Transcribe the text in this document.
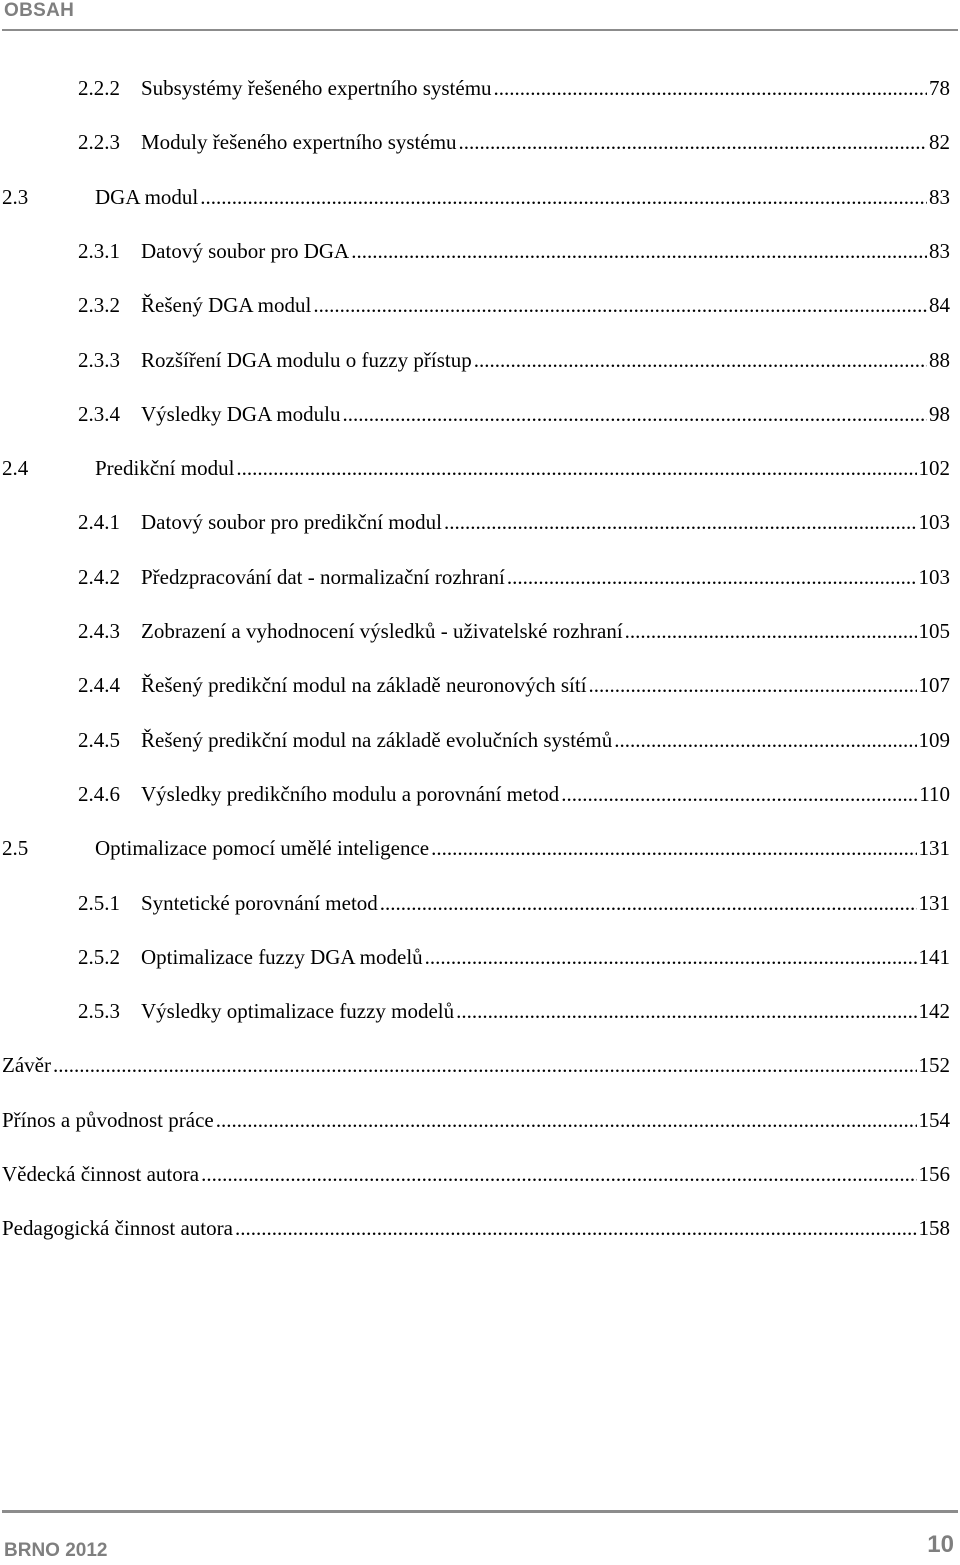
OBSAH
2.2.2	Subsystémy řešeného expertního systému .....	78
2.2.3	Moduly řešeného expertního systému .....	82
2.3	DGA modul .....	83
2.3.1	Datový soubor pro DGA .....	83
2.3.2	Řešený DGA modul .....	84
2.3.3	Rozšíření DGA modulu o fuzzy přístup .....	88
2.3.4	Výsledky DGA modulu .....	98
2.4	Predikční modul .....	102
2.4.1	Datový soubor pro predikční modul .....	103
2.4.2	Předzpracování dat - normalizační rozhraní .....	103
2.4.3	Zobrazení a vyhodnocení výsledků - uživatelské rozhraní .....	105
2.4.4	Řešený predikční modul na základě neuronových sítí .....	107
2.4.5	Řešený predikční modul na základě evolučních systémů .....	109
2.4.6	Výsledky predikčního modulu a porovnání metod .....	110
2.5	Optimalizace pomocí umělé inteligence .....	131
2.5.1	Syntetické porovnání metod .....	131
2.5.2	Optimalizace fuzzy DGA modelů .....	141
2.5.3	Výsledky optimalizace fuzzy modelů .....	142
Závěr .....	152
Přínos a původnost práce .....	154
Vědecká činnost autora .....	156
Pedagogická činnost autora .....	158
BRNO 2012	10
